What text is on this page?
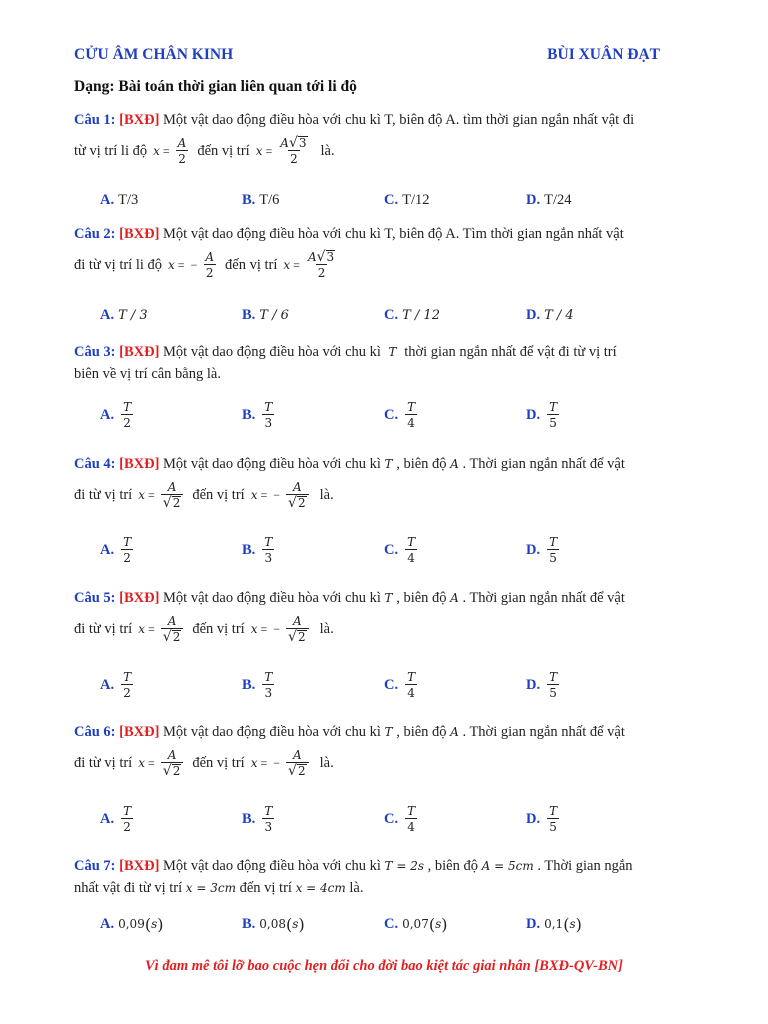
CỬU ÂM CHÂN KINH	BÙI XUÂN ĐẠT
Dạng: Bài toán thời gian liên quan tới li độ
Câu 1: [BXĐ] Một vật dao động điều hòa với chu kì T, biên độ A. tìm thời gian ngắn nhất vật đi
từ vị trí li độ $x = \frac{A}{2}$ đến vị trí $x = \frac{A √ 3}{2}$ là.
A. T/3	B. T/6	C. T/12	D. T/24
Câu 2: [BXĐ] Một vật dao động điều hòa với chu kì T, biên độ A. Tìm thời gian ngắn nhất vật
đi từ vị trí li độ x = − $\frac{A}{2}$ đến vị trí $x = \frac{A √ 3}{2}$
A. T / 3	B. T / 6	C. T / 12	D. T / 4
Câu 3: [BXĐ] Một vật dao động điều hòa với chu kì T thời gian ngắn nhất để vật đi từ vị trí
biên về vị trí cân bằng là.
Câu 4: [BXĐ] Một vật dao động điều hòa với chu kì T , biên độ A . Thời gian ngắn nhất để vật
đi từ vị trí $x = \frac{A}{√ 2}$ đến vị trí x = − $\frac{A}{√ 2}$ là.
Câu 5: [BXĐ] Một vật dao động điều hòa với chu kì T , biên độ A . Thời gian ngắn nhất để vật
đi từ vị trí $x = \frac{A}{√ 2}$ đến vị trí x = − $\frac{A}{√ 2}$ là.
Câu 6: [BXĐ] Một vật dao động điều hòa với chu kì T , biên độ A . Thời gian ngắn nhất để vật
đi từ vị trí $x = \frac{A}{√ 2}$ đến vị trí x = − $\frac{A}{√ 2}$ là.
A. $\frac{T}{2}$	B. $\frac{T}{3}$	C. $\frac{T}{4}$	D. $\frac{T}{5}$
A. $\frac{T}{2}$	B. $\frac{T}{3}$	C. $\frac{T}{4}$	D. $\frac{T}{5}$
A. $\frac{T}{2}$	B. $\frac{T}{3}$	C. $\frac{T}{4}$	D. $\frac{T}{5}$
A. $\frac{T}{2}$	B. $\frac{T}{3}$	C. $\frac{T}{4}$	D. $\frac{T}{5}$
Câu 7: [BXĐ] Một vật dao động điều hòa với chu kì T = 2s , biên độ A = 5cm . Thời gian ngắn
nhất vật đi từ vị trí x = 3cm đến vị trí x = 4cm là.
A. 0,09 ( s )	B. 0,08 ( s )	C. 0,07 ( s )	D. 0,1 ( s )
Vì đam mê tôi lỡ bao cuộc hẹn đổi cho đời bao kiệt tác giai nhân [BXĐ-QV-BN]
